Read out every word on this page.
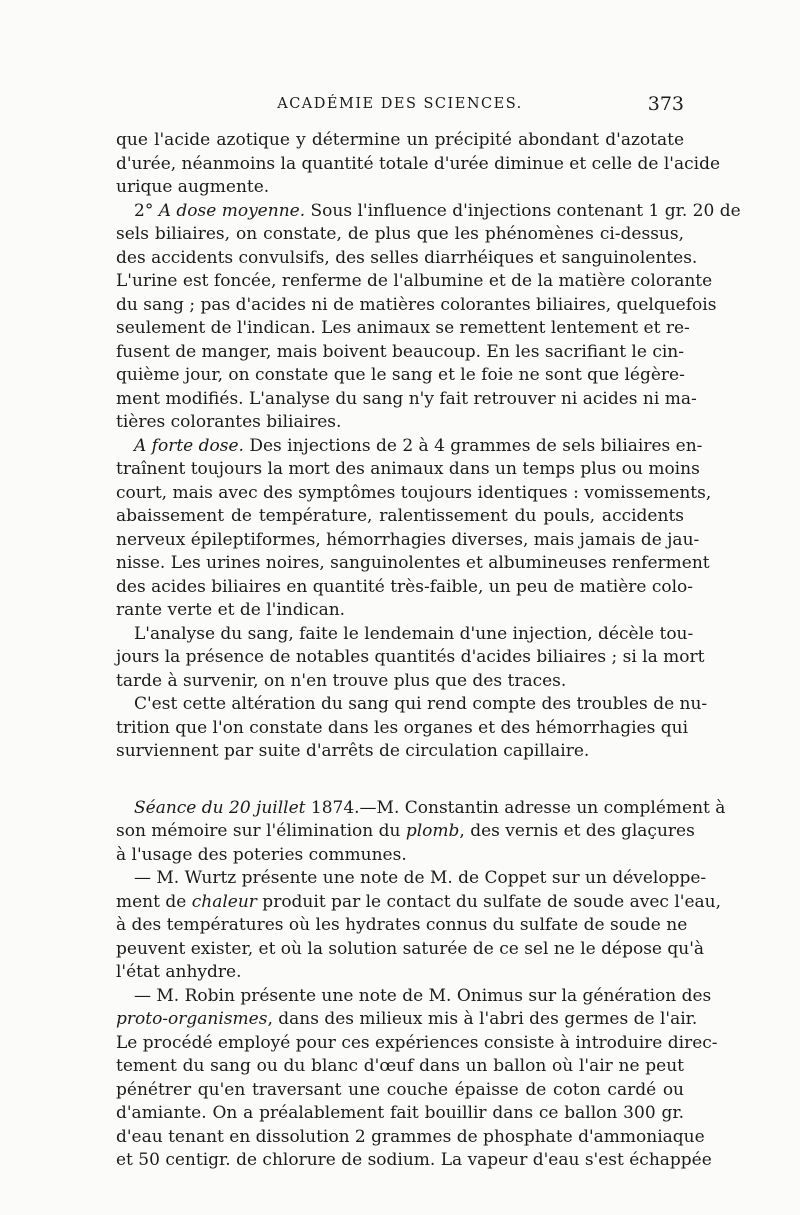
ACADÉMIE DES SCIENCES.	373
que l'acide azotique y détermine un précipité abondant d'azotate
d'urée, néanmoins la quantité totale d'urée diminue et celle de l'acide
urique augmente.
2° A dose moyenne. Sous l'influence d'injections contenant 1 gr. 20 de
sels biliaires, on constate, de plus que les phénomènes ci-dessus,
des accidents convulsifs, des selles diarrhéiques et sanguinolentes.
L'urine est foncée, renferme de l'albumine et de la matière colorante
du sang ; pas d'acides ni de matières colorantes biliaires, quelquefois
seulement de l'indican. Les animaux se remettent lentement et re-
fusent de manger, mais boivent beaucoup. En les sacrifiant le cin-
quième jour, on constate que le sang et le foie ne sont que légère-
ment modifiés. L'analyse du sang n'y fait retrouver ni acides ni ma-
tières colorantes biliaires.
A forte dose. Des injections de 2 à 4 grammes de sels biliaires en-
traînent toujours la mort des animaux dans un temps plus ou moins
court, mais avec des symptômes toujours identiques : vomissements,
abaissement de température, ralentissement du pouls, accidents
nerveux épileptiformes, hémorrhagies diverses, mais jamais de jau-
nisse. Les urines noires, sanguinolentes et albumineuses renferment
des acides biliaires en quantité très-faible, un peu de matière colo-
rante verte et de l'indican.
L'analyse du sang, faite le lendemain d'une injection, décèle tou-
jours la présence de notables quantités d'acides biliaires ; si la mort
tarde à survenir, on n'en trouve plus que des traces.
C'est cette altération du sang qui rend compte des troubles de nu-
trition que l'on constate dans les organes et des hémorrhagies qui
surviennent par suite d'arrêts de circulation capillaire.
Séance du 20 juillet 1874.—M. Constantin adresse un complément à
son mémoire sur l'élimination du plomb, des vernis et des glaçures
à l'usage des poteries communes.
— M. Wurtz présente une note de M. de Coppet sur un développe-
ment de chaleur produit par le contact du sulfate de soude avec l'eau,
à des températures où les hydrates connus du sulfate de soude ne
peuvent exister, et où la solution saturée de ce sel ne le dépose qu'à
l'état anhydre.
— M. Robin présente une note de M. Onimus sur la génération des
proto-organismes, dans des milieux mis à l'abri des germes de l'air.
Le procédé employé pour ces expériences consiste à introduire direc-
tement du sang ou du blanc d'œuf dans un ballon où l'air ne peut
pénétrer qu'en traversant une couche épaisse de coton cardé ou
d'amiante. On a préalablement fait bouillir dans ce ballon 300 gr.
d'eau tenant en dissolution 2 grammes de phosphate d'ammoniaque
et 50 centigr. de chlorure de sodium. La vapeur d'eau s'est échappée
